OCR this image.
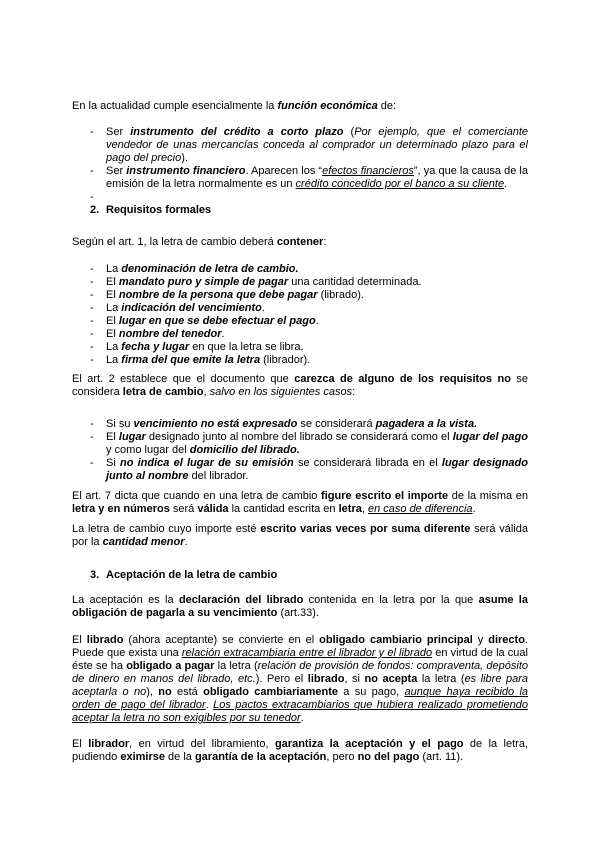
En la actualidad cumple esencialmente la función económica de:

- Ser instrumento del crédito a corto plazo (Por ejemplo, que el comerciante vendedor de unas mercancías conceda al comprador un determinado plazo para el pago del precio).
- Ser instrumento financiero. Aparecen los “efectos financieros”, ya que la causa de la emisión de la letra normalmente es un crédito concedido por el banco a su cliente.
-
2. Requisitos formales

Según el art. 1, la letra de cambio deberá contener:

- La denominación de letra de cambio.
- El mandato puro y simple de pagar una cantidad determinada.
- El nombre de la persona que debe pagar (librado).
- La indicación del vencimiento.
- El lugar en que se debe efectuar el pago.
- El nombre del tenedor.
- La fecha y lugar en que la letra se libra.
- La firma del que emite la letra (librador).

El art. 2 establece que el documento que carezca de alguno de los requisitos no se considera letra de cambio, salvo en los siguientes casos:

- Si su vencimiento no está expresado se considerará pagadera a la vista.
- El lugar designado junto al nombre del librado se considerará como el lugar del pago y como lugar del domicilio del librado.
- Si no indica el lugar de su emisión se considerará librada en el lugar designado junto al nombre del librador.

El art. 7 dicta que cuando en una letra de cambio figure escrito el importe de la misma en letra y en números será válida la cantidad escrita en letra, en caso de diferencia.

La letra de cambio cuyo importe esté escrito varias veces por suma diferente será válida por la cantidad menor.

3. Aceptación de la letra de cambio

La aceptación es la declaración del librado contenida en la letra por la que asume la obligación de pagarla a su vencimiento (art.33).

El librado (ahora aceptante) se convierte en el obligado cambiario principal y directo. Puede que exista una relación extracambiaria entre el librador y el librado en virtud de la cual éste se ha obligado a pagar la letra (relación de provisión de fondos: compraventa, depósito de dinero en manos del librado, etc.). Pero el librado, si no acepta la letra (es libre para aceptarla o no), no está obligado cambiariamente a su pago, aunque haya recibido la orden de pago del librador. Los pactos extracambiarios que hubiera realizado prometiendo aceptar la letra no son exigibles por su tenedor.

El librador, en virtud del libramiento, garantiza la aceptación y el pago de la letra, pudiendo eximirse de la garantía de la aceptación, pero no del pago (art. 11).
